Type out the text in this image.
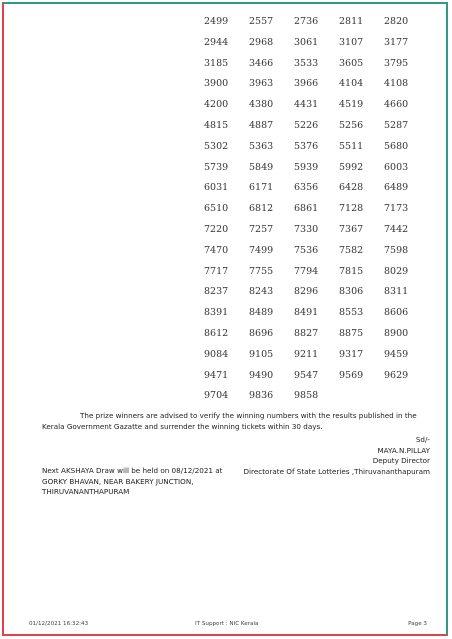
2499	2557	2736	2811	2820
2944	2968	3061	3107	3177
3185	3466	3533	3605	3795
3900	3963	3966	4104	4108
4200	4380	4431	4519	4660
4815	4887	5226	5256	5287
5302	5363	5376	5511	5680
5739	5849	5939	5992	6003
6031	6171	6356	6428	6489
6510	6812	6861	7128	7173
7220	7257	7330	7367	7442
7470	7499	7536	7582	7598
7717	7755	7794	7815	8029
8237	8243	8296	8306	8311
8391	8489	8491	8553	8606
8612	8696	8827	8875	8900
9084	9105	9211	9317	9459
9471	9490	9547	9569	9629
9704	9836	9858
The prize winners are advised to verify the winning numbers with the results published in the Kerala Government Gazatte and surrender the winning tickets within 30 days.
Sd/-
MAYA.N.PILLAY
Deputy Director
Directorate Of State Lotteries ,Thiruvananthapuram
Next AKSHAYA Draw will be held on 08/12/2021 at
GORKY BHAVAN, NEAR BAKERY JUNCTION,
THIRUVANANTHAPURAM
01/12/2021 16:32:43	IT Support : NIC Kerala	Page 3
